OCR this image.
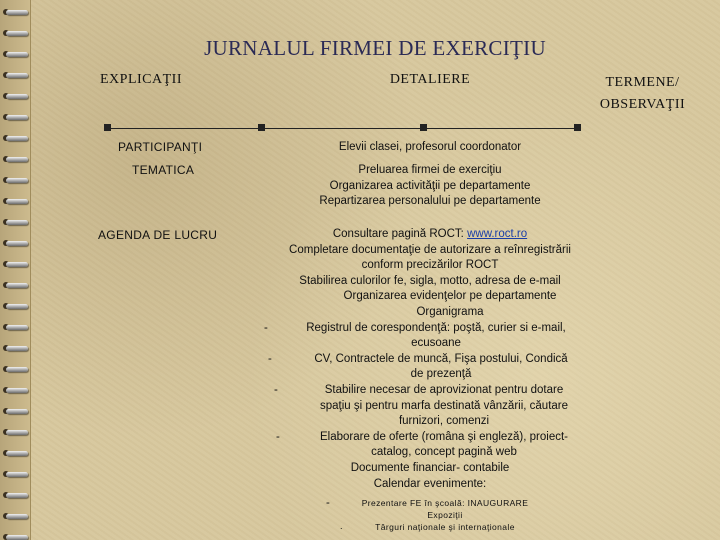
JURNALUL FIRMEI DE EXERCIŢIU
EXPLICAŢII	DETALIERE	TERMENE/
OBSERVAŢII
PARTICIPANŢI	Elevii clasei, profesorul coordonator
TEMATICA	Preluarea firmei de exerciţiu
Organizarea activităţii pe departamente
Repartizarea personalului pe departamente
AGENDA DE LUCRU	Consultare pagină ROCT: www.roct.ro
Completare documentaţie de autorizare a reînregistrării
conform precizărilor ROCT
Stabilirea culorilor fe, sigla, motto, adresa de e-mail
Organizarea evidenţelor pe departamente
Organigrama
Registrul de corespondenţă: poştă, curier si e-mail,
ecusoane
CV, Contractele de muncă, Fişa postului, Condică
de prezenţă
Stabilire necesar de aprovizionat pentru dotare
spaţiu şi pentru marfa destinată vânzării, căutare
furnizori, comenzi
Elaborare de oferte (româna şi engleză), proiect-
catalog, concept pagină web
Documente financiar- contabile
Calendar evenimente:
Prezentare FE în şcoală: INAUGURARE
Expoziţii
Târguri naţionale şi internaţionale
-
-
-
-
-
.
